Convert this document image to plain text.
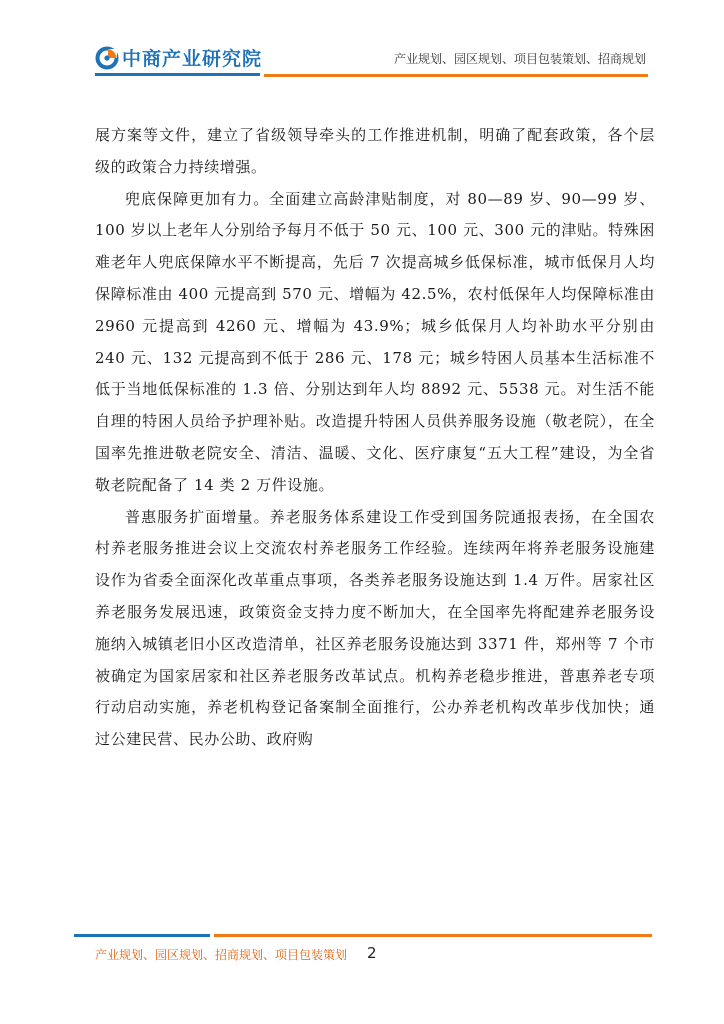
中商产业研究院	产业规划、园区规划、项目包装策划、招商规划

展方案等文件，建立了省级领导牵头的工作推进机制，明确了配套政策，各个层级的政策合力持续增强。

兜底保障更加有力。全面建立高龄津贴制度，对 80—89 岁、90—99 岁、100 岁以上老年人分别给予每月不低于 50 元、100 元、300 元的津贴。特殊困难老年人兜底保障水平不断提高，先后 7 次提高城乡低保标准，城市低保月人均保障标准由 400 元提高到 570 元、增幅为 42.5%，农村低保年人均保障标准由 2960 元提高到 4260 元、增幅为 43.9%；城乡低保月人均补助水平分别由 240 元、132 元提高到不低于 286 元、178 元；城乡特困人员基本生活标准不低于当地低保标准的 1.3 倍、分别达到年人均 8892 元、5538 元。对生活不能自理的特困人员给予护理补贴。改造提升特困人员供养服务设施（敬老院），在全国率先推进敬老院安全、清洁、温暖、文化、医疗康复“五大工程”建设，为全省敬老院配备了 14 类 2 万件设施。

普惠服务扩面增量。养老服务体系建设工作受到国务院通报表扬，在全国农村养老服务推进会议上交流农村养老服务工作经验。连续两年将养老服务设施建设作为省委全面深化改革重点事项，各类养老服务设施达到 1.4 万件。居家社区养老服务发展迅速，政策资金支持力度不断加大，在全国率先将配建养老服务设施纳入城镇老旧小区改造清单，社区养老服务设施达到 3371 件，郑州等 7 个市被确定为国家居家和社区养老服务改革试点。机构养老稳步推进，普惠养老专项行动启动实施，养老机构登记备案制全面推行，公办养老机构改革步伐加快；通过公建民营、民办公助、政府购

产业规划、园区规划、招商规划、项目包装策划 2
